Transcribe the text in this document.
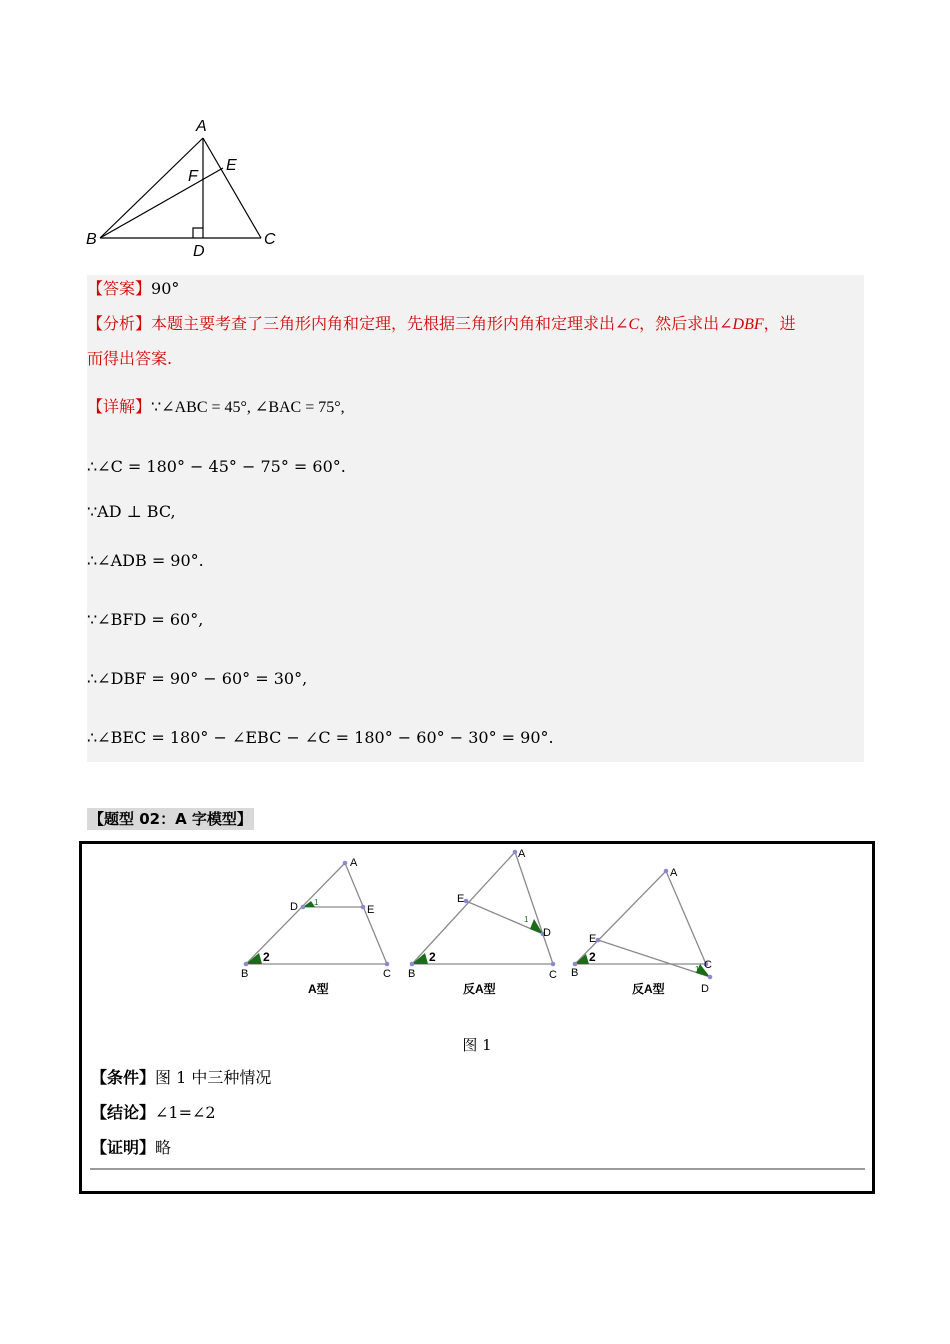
A
E
F
B
D
C
【答案】90°
【分析】本题主要考查了三角形内角和定理，先根据三角形内角和定理求出∠C，然后求出∠DBF，进
而得出答案.
【详解】∵∠ABC = 45°, ∠BAC = 75°,
∴∠C = 180° − 45° − 75° = 60°.
∵AD ⊥ BC,
∴∠ADB = 90°.
∵∠BFD = 60°,
∴∠DBF = 90° − 60° = 30°,
∴∠BEC = 180° − ∠EBC − ∠C = 180° − 60° − 30° = 90°.
【题型 02：A 字模型】
A
D	E
B	C
1
2
A型
A
E
D
B	C
1
2
反A型
A
E
B
C
D
1
2
反A型
图 1
【条件】图 1 中三种情况
【结论】∠1=∠2
【证明】略
